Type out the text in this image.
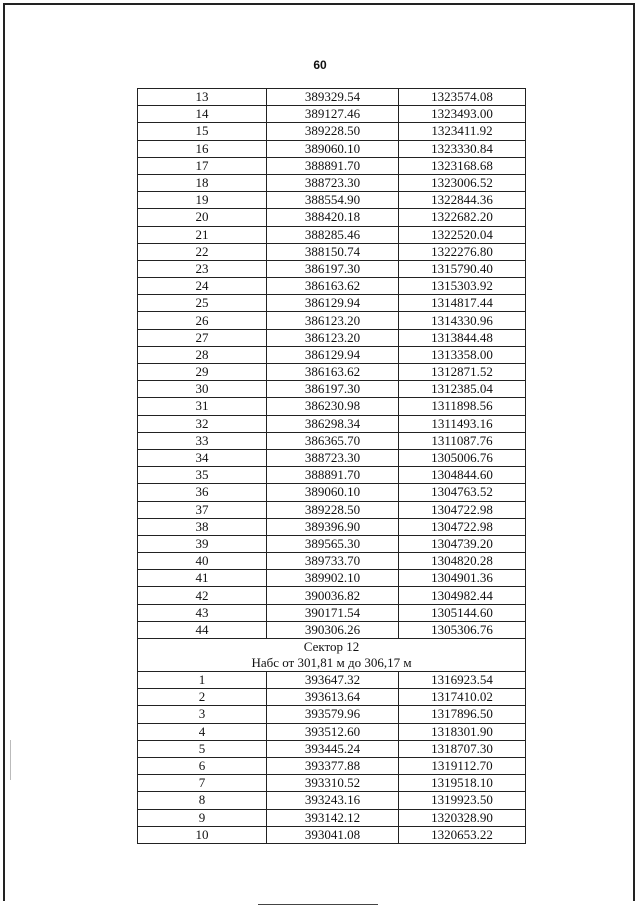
60
13	389329.54	1323574.08
14	389127.46	1323493.00
15	389228.50	1323411.92
16	389060.10	1323330.84
17	388891.70	1323168.68
18	388723.30	1323006.52
19	388554.90	1322844.36
20	388420.18	1322682.20
21	388285.46	1322520.04
22	388150.74	1322276.80
23	386197.30	1315790.40
24	386163.62	1315303.92
25	386129.94	1314817.44
26	386123.20	1314330.96
27	386123.20	1313844.48
28	386129.94	1313358.00
29	386163.62	1312871.52
30	386197.30	1312385.04
31	386230.98	1311898.56
32	386298.34	1311493.16
33	386365.70	1311087.76
34	388723.30	1305006.76
35	388891.70	1304844.60
36	389060.10	1304763.52
37	389228.50	1304722.98
38	389396.90	1304722.98
39	389565.30	1304739.20
40	389733.70	1304820.28
41	389902.10	1304901.36
42	390036.82	1304982.44
43	390171.54	1305144.60
44	390306.26	1305306.76

Сектор 12
Набс от 301,81 м до 306,17 м		

1	393647.32	1316923.54
2	393613.64	1317410.02
3	393579.96	1317896.50
4	393512.60	1318301.90
5	393445.24	1318707.30
6	393377.88	1319112.70
7	393310.52	1319518.10
8	393243.16	1319923.50
9	393142.12	1320328.90
10	393041.08	1320653.22
